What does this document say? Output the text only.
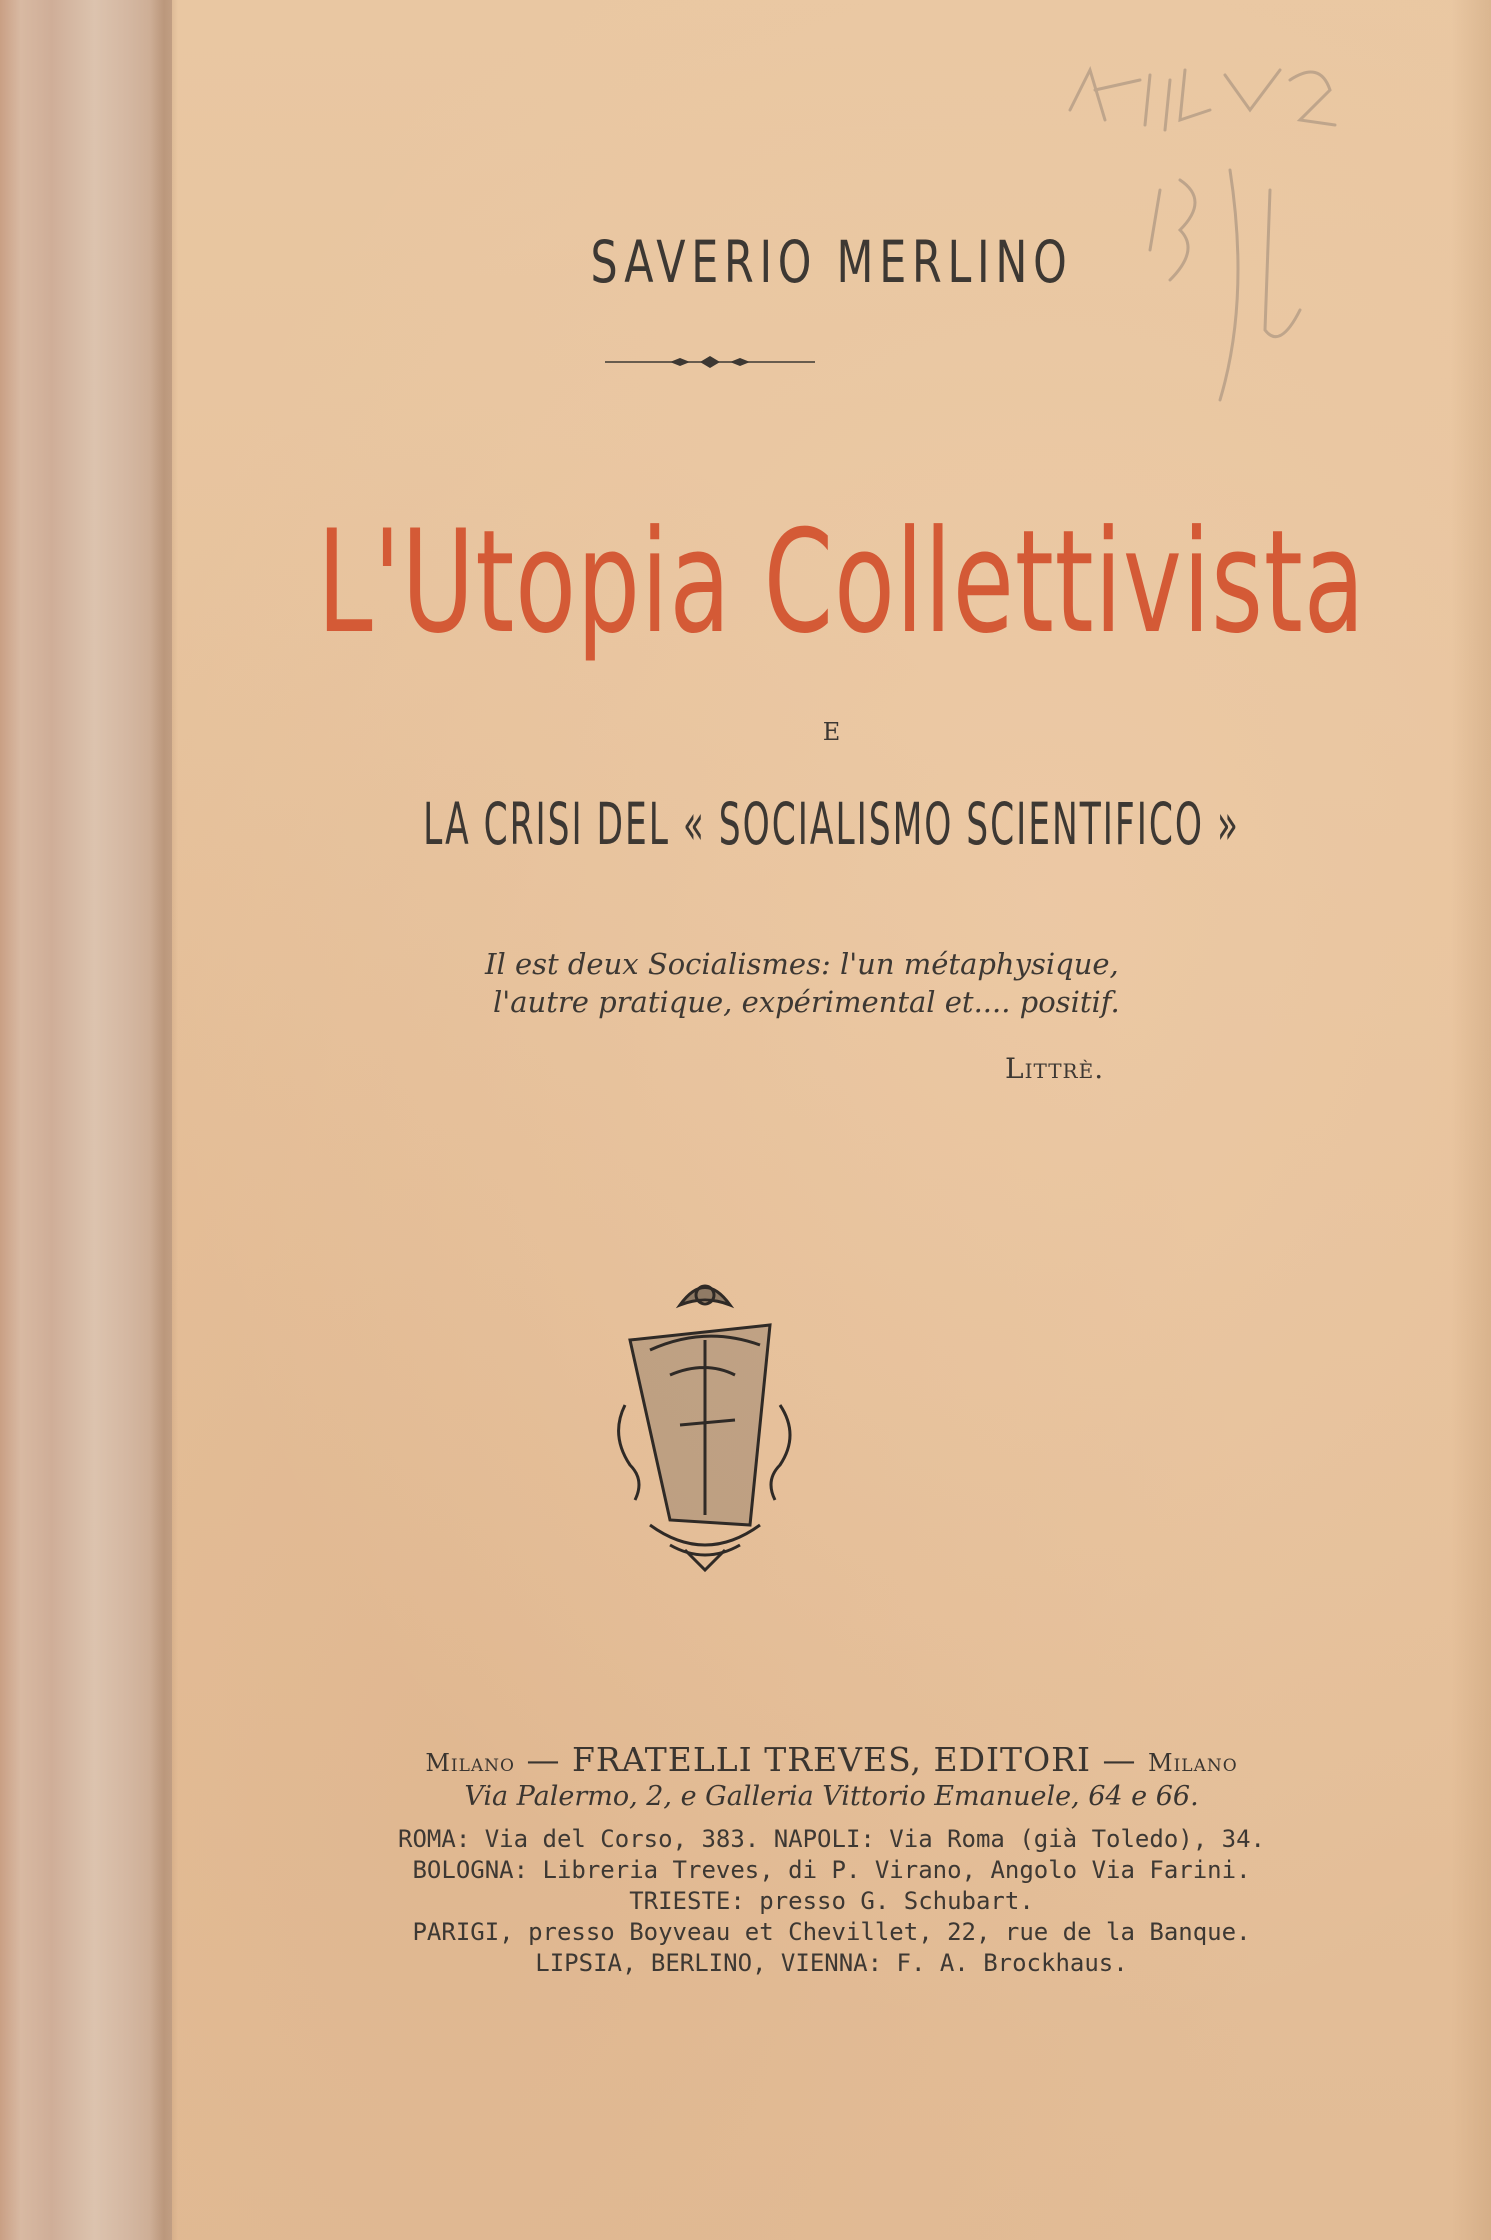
SAVERIO MERLINO
L'Utopia Collettivista
E
LA CRISI DEL « SOCIALISMO SCIENTIFICO »
Il est deux Socialismes: l'un métaphysique,
l'autre pratique, expérimental et.... positif.
Littrè.
Milano — FRATELLI TREVES, EDITORI — Milano
Via Palermo, 2, e Galleria Vittorio Emanuele, 64 e 66.
ROMA: Via del Corso, 383. NAPOLI: Via Roma (già Toledo), 34.
BOLOGNA: Libreria Treves, di P. Virano, Angolo Via Farini.
TRIESTE: presso G. Schubart.
PARIGI, presso Boyveau et Chevillet, 22, rue de la Banque.
LIPSIA, BERLINO, VIENNA: F. A. Brockhaus.
